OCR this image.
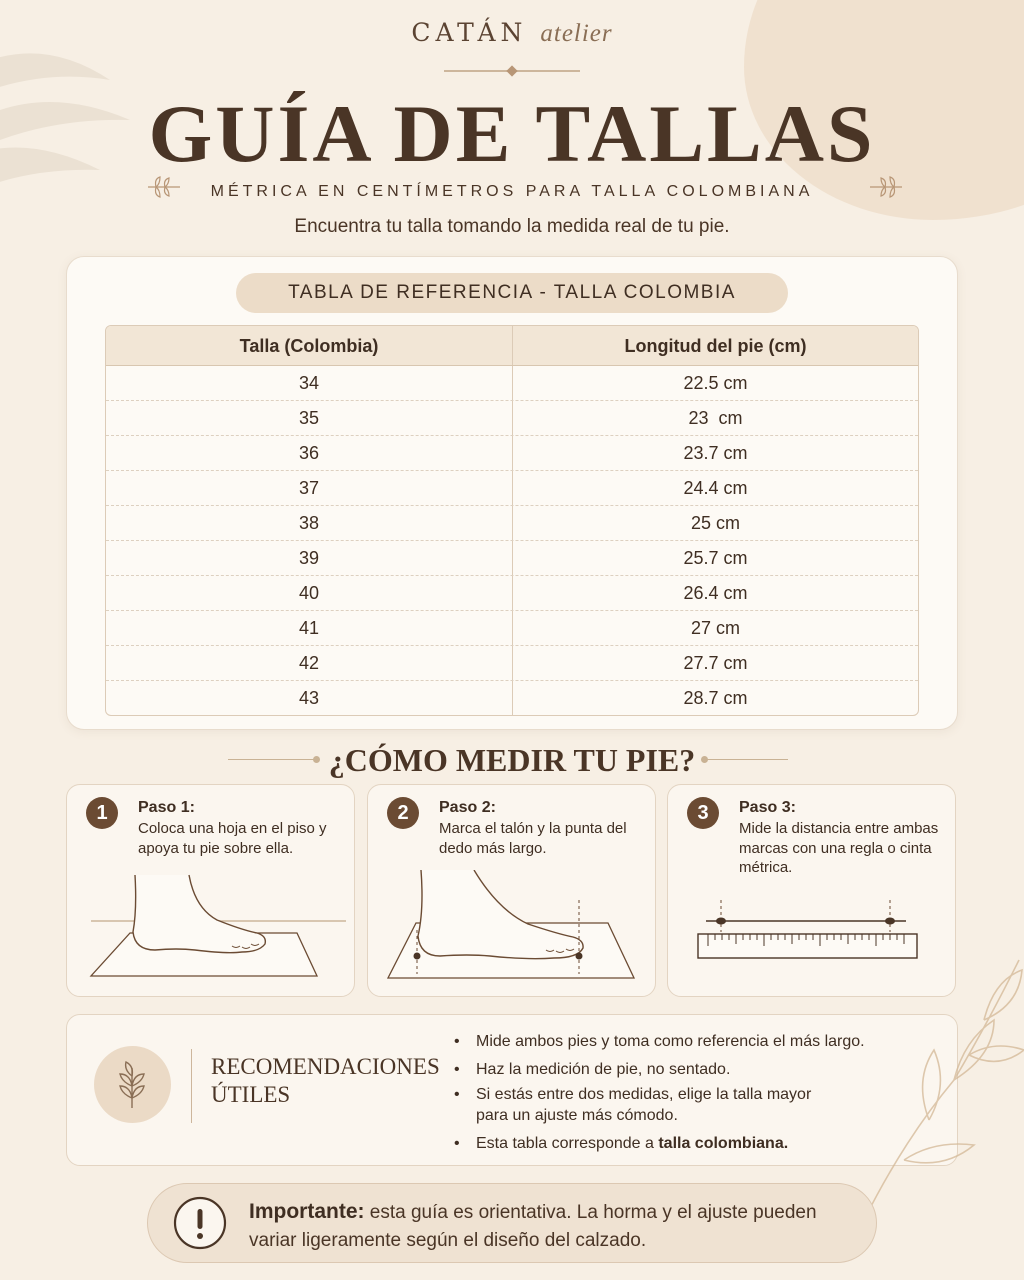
CATÁN atelier
GUÍA DE TALLAS
MÉTRICA EN CENTÍMETROS PARA TALLA COLOMBIANA

Encuentra tu talla tomando la medida real de tu pie.

TABLA DE REFERENCIA - TALLA COLOMBIA
Talla (Colombia)	Longitud del pie (cm)
34	22.5 cm
35	23  cm
36	23.7 cm
37	24.4 cm
38	25 cm
39	25.7 cm
40	26.4 cm
41	27 cm
42	27.7 cm
43	28.7 cm
¿CÓMO MEDIR TU PIE?
1	Paso 1:
Coloca una hoja en el piso y apoya tu pie sobre ella.
2	Paso 2:
Marca el talón y la punta del dedo más largo.
3	Paso 3:
Mide la distancia entre ambas marcas con una regla o cinta métrica.
RECOMENDACIONES
ÚTILES
• Mide ambos pies y toma como referencia el más largo.
• Haz la medición de pie, no sentado.
• Si estás entre dos medidas, elige la talla mayor para un ajuste más cómodo.
• Esta tabla corresponde a talla colombiana.

Importante: esta guía es orientativa. La horma y el ajuste pueden variar ligeramente según el diseño del calzado.
